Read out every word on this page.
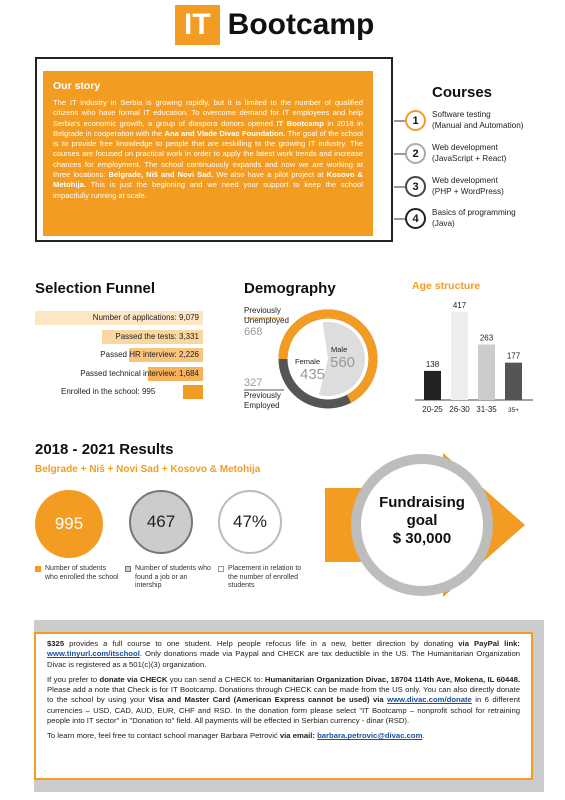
IT Bootcamp
Our story
The IT industry in Serbia is growing rapidly, but it is limited to the number of qualified citizens who have formal IT education. To overcome demand for IT employees and help Serbia's economic growth, a group of diaspora donors opened IT Bootcamp in 2018 in Belgrade in cooperation with the Ana and Vlade Divac Foundation. The goal of the school is to provide free knowledge to people that are reskilling to the growing IT industry. The courses are focused on practical work in order to apply the latest work trends and increase chances for employment. The school continuously expands and now we are working at three locations: Belgrade, Niš and Novi Sad. We also have a pilot project at Kosovo & Metohija. This is just the beginning and we need your support to keep the school impactfully running at scale.
Courses
1	Software testing
(Manual and Automation)
2	Web development
(JavaScript + React)
3	Web development
(PHP + WordPress)
4	Basics of programming
(Java)
Selection Funnel
Number of applications: 9,079
Passed the tests: 3,331
Passed HR interview: 2,226
Passed technical interview: 1,684
Enrolled in the school: 995
Demography
Previously
Unemployed
668
327
Previously
Employed
Male
560
Female
435
Age structure
138
20-25
417
26-30
263
31-35
177
35+
2018 - 2021 Results
Belgrade + Niš + Novi Sad + Kosovo & Metohija
995	467	47%
Number of students who enrolled the school
Number of students who found a job or an intership
Placement in relation to the number of enrolled students
Fundraising
goal
$ 30,000

$325 provides a full course to one student. Help people refocus life in a new, better direction by donating via PayPal link: www.tinyurl.com/itschool. Only donations made via Paypal and CHECK are tax deductible in the US. The Humanitarian Organization Divac is registered as a 501(c)(3) organization.

If you prefer to donate via CHECK you can send a CHECK to: Humanitarian Organization Divac, 18704 114th Ave, Mokena, IL 60448. Please add a note that Check is for IT Bootcamp. Donations through CHECK can be made from the US only. You can also directly donate to the school by using your Visa and Master Card (American Express cannot be used) via www.divac.com/donate in 6 different currencies – USD, CAD, AUD, EUR, CHF and RSD. In the donation form please select "IT Bootcamp – nonprofit school for retraining people into IT sector" in "Donation to" field. All payments will be effected in Serbian currency - dinar (RSD).

To learn more, feel free to contact school manager Barbara Petrović via email: barbara.petrovic@divac.com.
